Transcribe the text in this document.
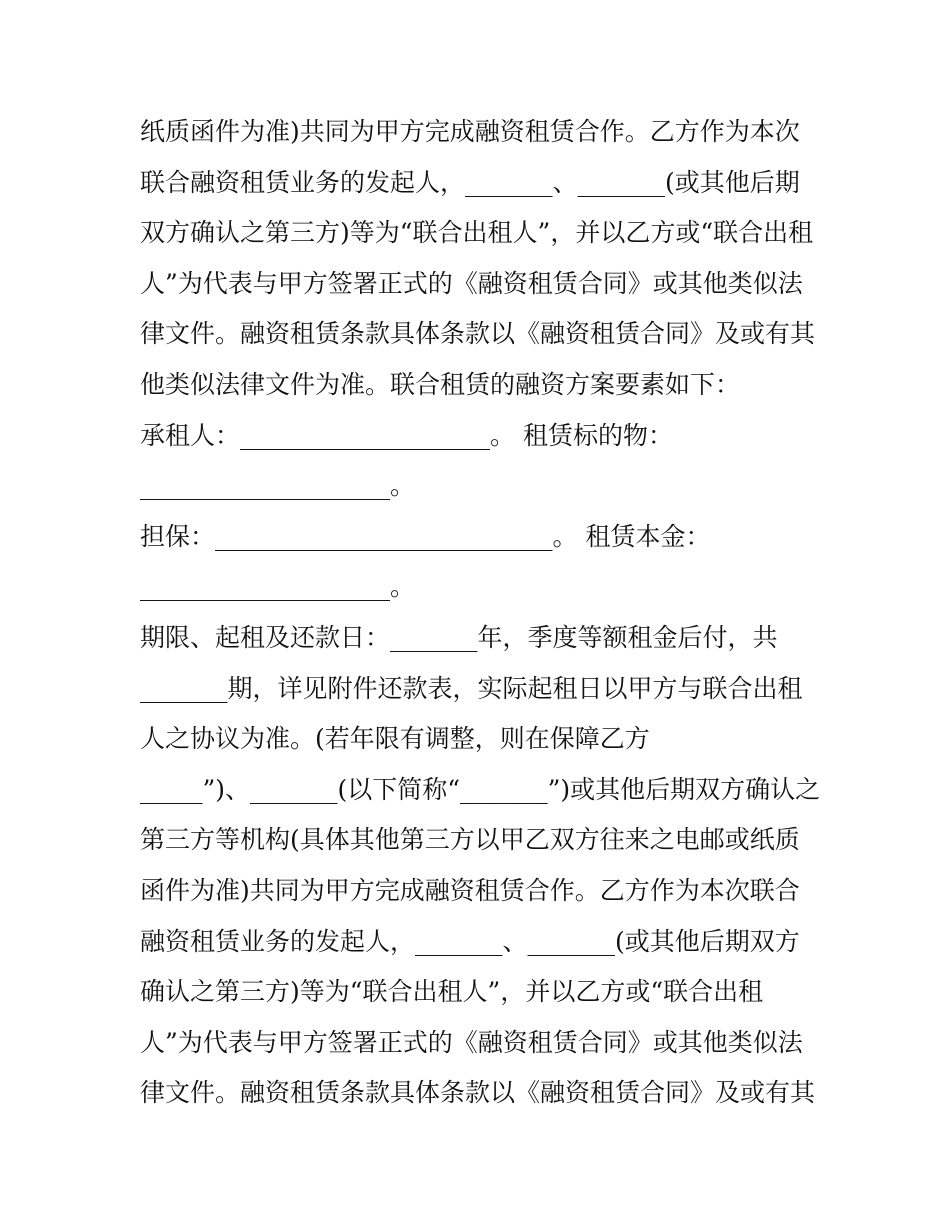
纸质函件为准)共同为甲方完成融资租赁合作。乙方作为本次

联合融资租赁业务的发起人，_______、_______(或其他后期

双方确认之第三方)等为“联合出租人”，并以乙方或“联合出租

人”为代表与甲方签署正式的《融资租赁合同》或其他类似法

律文件。融资租赁条款具体条款以《融资租赁合同》及或有其

他类似法律文件为准。联合租赁的融资方案要素如下：

承租人：____________________。 租赁标的物：

____________________。

担保：___________________________。 租赁本金：

____________________。

期限、起租及还款日：_______年，季度等额租金后付，共

_______期，详见附件还款表，实际起租日以甲方与联合出租

人之协议为准。(若年限有调整，则在保障乙方

_____”)、_______(以下简称“_______”)或其他后期双方确认之

第三方等机构(具体其他第三方以甲乙双方往来之电邮或纸质

函件为准)共同为甲方完成融资租赁合作。乙方作为本次联合

融资租赁业务的发起人，_______、_______(或其他后期双方

确认之第三方)等为“联合出租人”，并以乙方或“联合出租

人”为代表与甲方签署正式的《融资租赁合同》或其他类似法

律文件。融资租赁条款具体条款以《融资租赁合同》及或有其
